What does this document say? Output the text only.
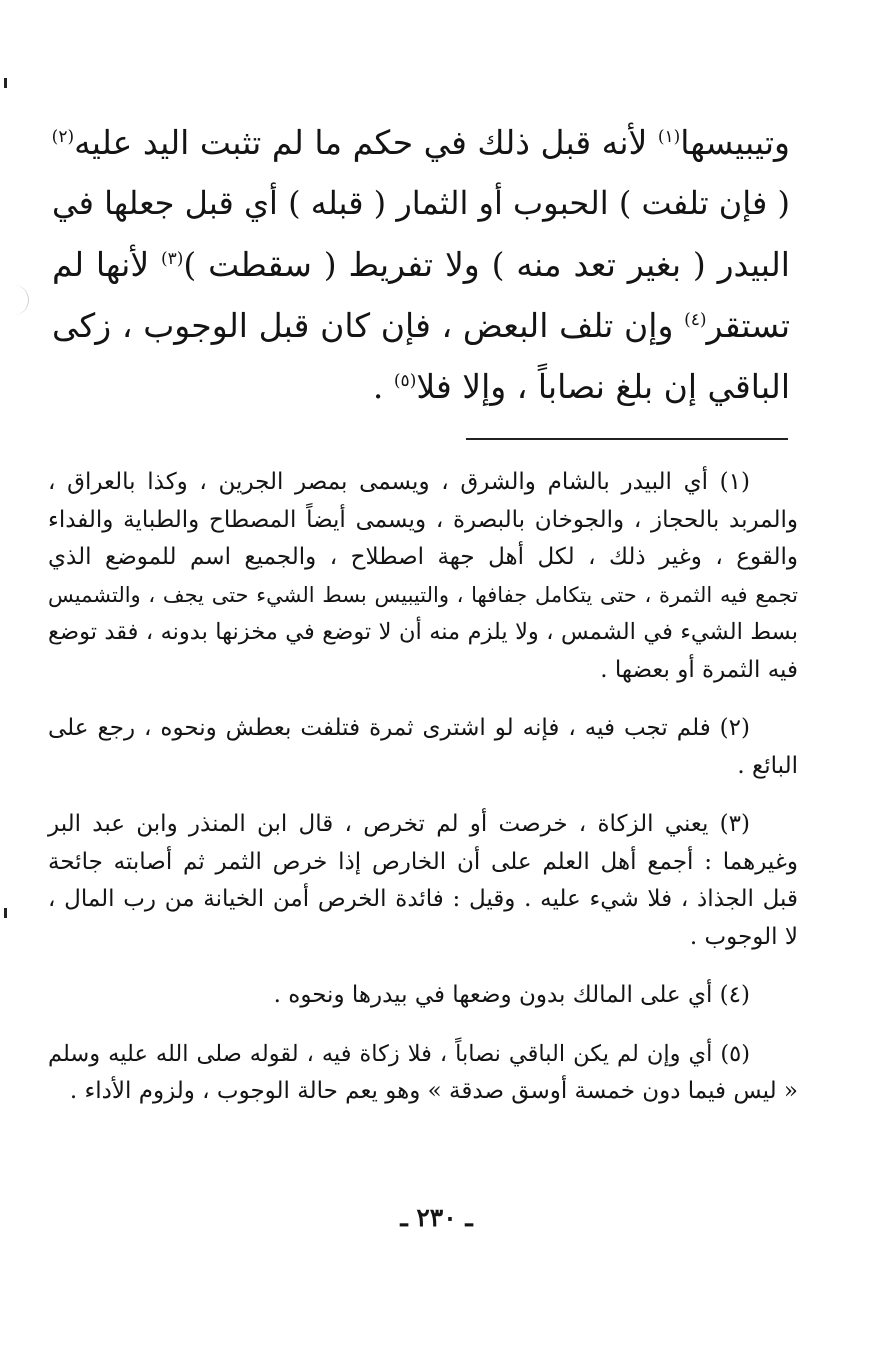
وتيبيسها$^{(١)}$ لأنه قبل ذلك في حكم ما لم تثبت اليد عليه$^{(٢)}$
( فإن تلفت ) الحبوب أو الثمار ( قبله ) أي قبل جعلها في
البيدر ( بغير تعد منه ) ولا تفريط ( سقطت )$^{(٣)}$ لأنها لم
تستقر$^{(٤)}$ وإن تلف البعض ، فإن كان قبل الوجوب ، زكى
الباقي إن بلغ نصاباً ، وإلا فلا$^{(٥)}$ .
(١) أي البيدر بالشام والشرق ، ويسمى بمصر الجرين ، وكذا بالعراق ،
والمربد بالحجاز ، والجوخان بالبصرة ، ويسمى أيضاً المصطاح والطباية والفداء
والقوع ، وغير ذلك ، لكل أهل جهة اصطلاح ، والجميع اسم للموضع الذي
تجمع فيه الثمرة ، حتى يتكامل جفافها ، والتيبيس بسط الشيء حتى يجف ، والتشميس
بسط الشيء في الشمس ، ولا يلزم منه أن لا توضع في مخزنها بدونه ، فقد توضع
فيه الثمرة أو بعضها .
(٢) فلم تجب فيه ، فإنه لو اشترى ثمرة فتلفت بعطش ونحوه ، رجع على
البائع .
(٣) يعني الزكاة ، خرصت أو لم تخرص ، قال ابن المنذر وابن عبد البر
وغيرهما : أجمع أهل العلم على أن الخارص إذا خرص الثمر ثم أصابته جائحة
قبل الجذاذ ، فلا شيء عليه . وقيل : فائدة الخرص أمن الخيانة من رب المال ،
لا الوجوب .
(٤) أي على المالك بدون وضعها في بيدرها ونحوه .
(٥) أي وإن لم يكن الباقي نصاباً ، فلا زكاة فيه ، لقوله صلى الله عليه وسلم
« ليس فيما دون خمسة أوسق صدقة » وهو يعم حالة الوجوب ، ولزوم الأداء .
ـ ٢٣٠ ـ
